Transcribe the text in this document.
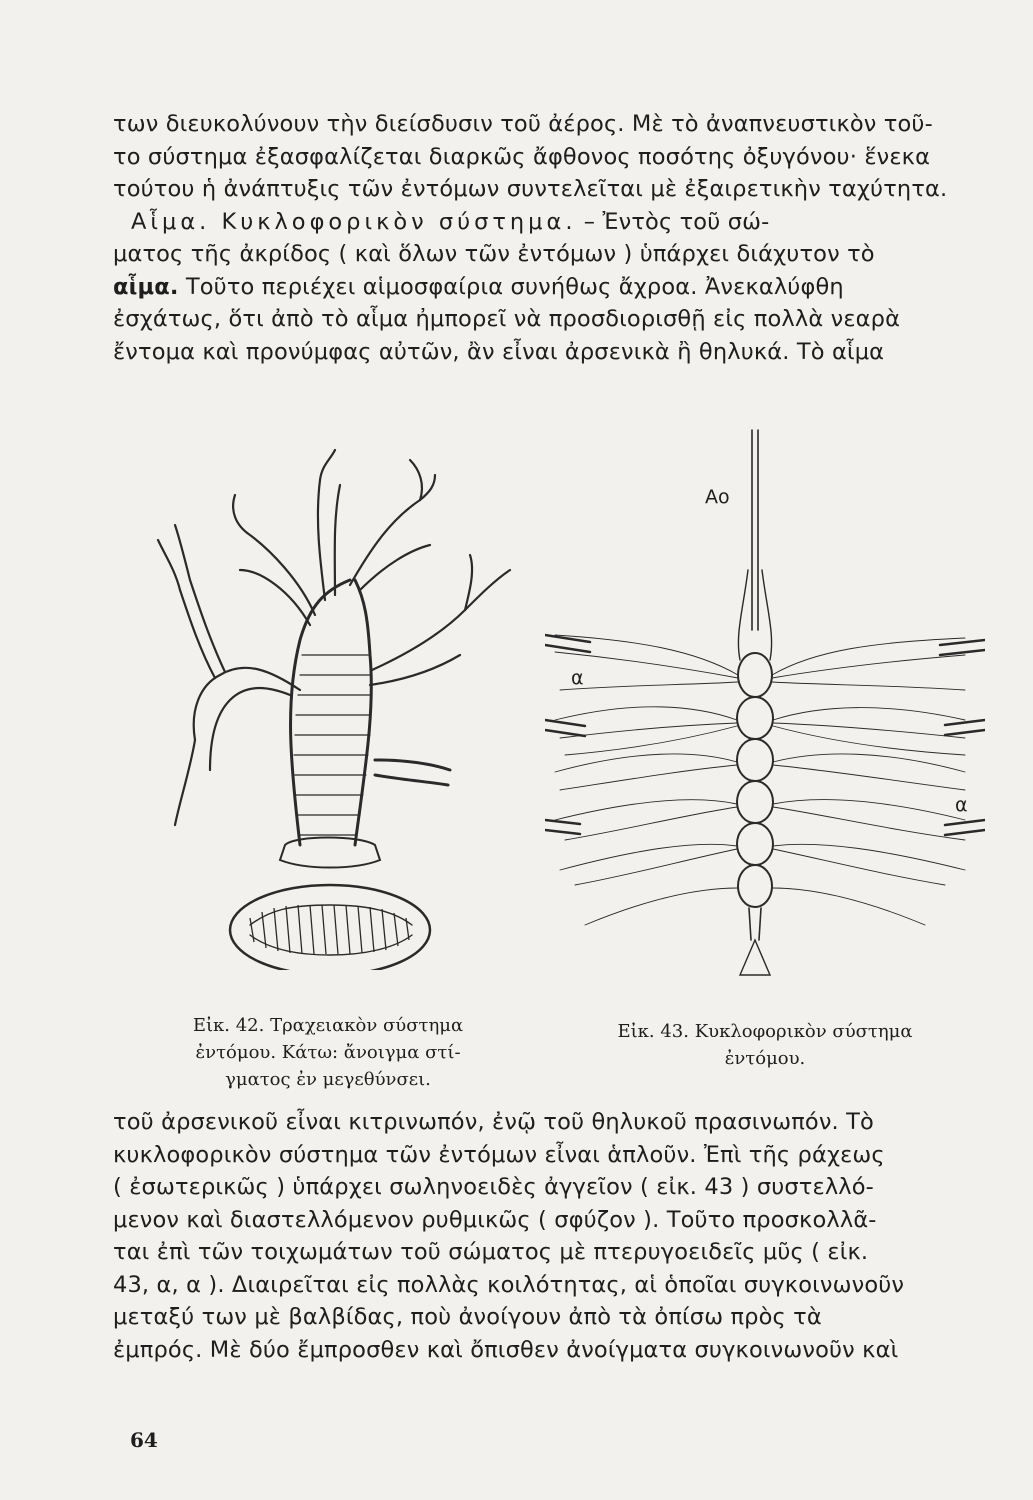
των διευκολύνουν τὴν διείσδυσιν τοῦ ἀέρος. Μὲ τὸ ἀναπνευστικὸν τοῦ-
το σύστημα ἐξασφαλίζεται διαρκῶς ἄφθονος ποσότης ὀξυγόνου· ἕνεκα
τούτου ἡ ἀνάπτυξις τῶν ἐντόμων συντελεῖται μὲ ἐξαιρετικὴν ταχύτητα.
Αἷμα. Κυκλοφορικὸν σύστημα. – Ἐντὸς τοῦ σώ-
ματος τῆς ἀκρίδος ( καὶ ὅλων τῶν ἐντόμων ) ὑπάρχει διάχυτον τὸ
αἷμα. Τοῦτο περιέχει αἱμοσφαίρια συνήθως ἄχροα. Ἀνεκαλύφθη
ἐσχάτως, ὅτι ἀπὸ τὸ αἷμα ἠμπορεῖ νὰ προσδιορισθῇ εἰς πολλὰ νεαρὰ
ἔντομα καὶ προνύμφας αὐτῶν, ἂν εἶναι ἀρσενικὰ ἢ θηλυκά. Τὸ αἷμα

Αο
α
α

Εἰκ. 42. Τραχειακὸν σύστημα
ἐντόμου. Κάτω: ἄνοιγμα στί-
γματος ἐν μεγεθύνσει.

Εἰκ. 43. Κυκλοφορικὸν σύστημα
ἐντόμου.

τοῦ ἀρσενικοῦ εἶναι κιτρινωπόν, ἐνῷ τοῦ θηλυκοῦ πρασινωπόν. Τὸ
κυκλοφορικὸν σύστημα τῶν ἐντόμων εἶναι ἁπλοῦν. Ἐπὶ τῆς ράχεως
( ἐσωτερικῶς ) ὑπάρχει σωληνοειδὲς ἀγγεῖον ( εἰκ. 43 ) συστελλό-
μενον καὶ διαστελλόμενον ρυθμικῶς ( σφύζον ). Τοῦτο προσκολλᾶ-
ται ἐπὶ τῶν τοιχωμάτων τοῦ σώματος μὲ πτερυγοειδεῖς μῦς ( εἰκ.
43, α, α ). Διαιρεῖται εἰς πολλὰς κοιλότητας, αἱ ὁποῖαι συγκοινωνοῦν
μεταξύ των μὲ βαλβίδας, ποὺ ἀνοίγουν ἀπὸ τὰ ὀπίσω πρὸς τὰ
ἐμπρός. Μὲ δύο ἔμπροσθεν καὶ ὄπισθεν ἀνοίγματα συγκοινωνοῦν καὶ

64
